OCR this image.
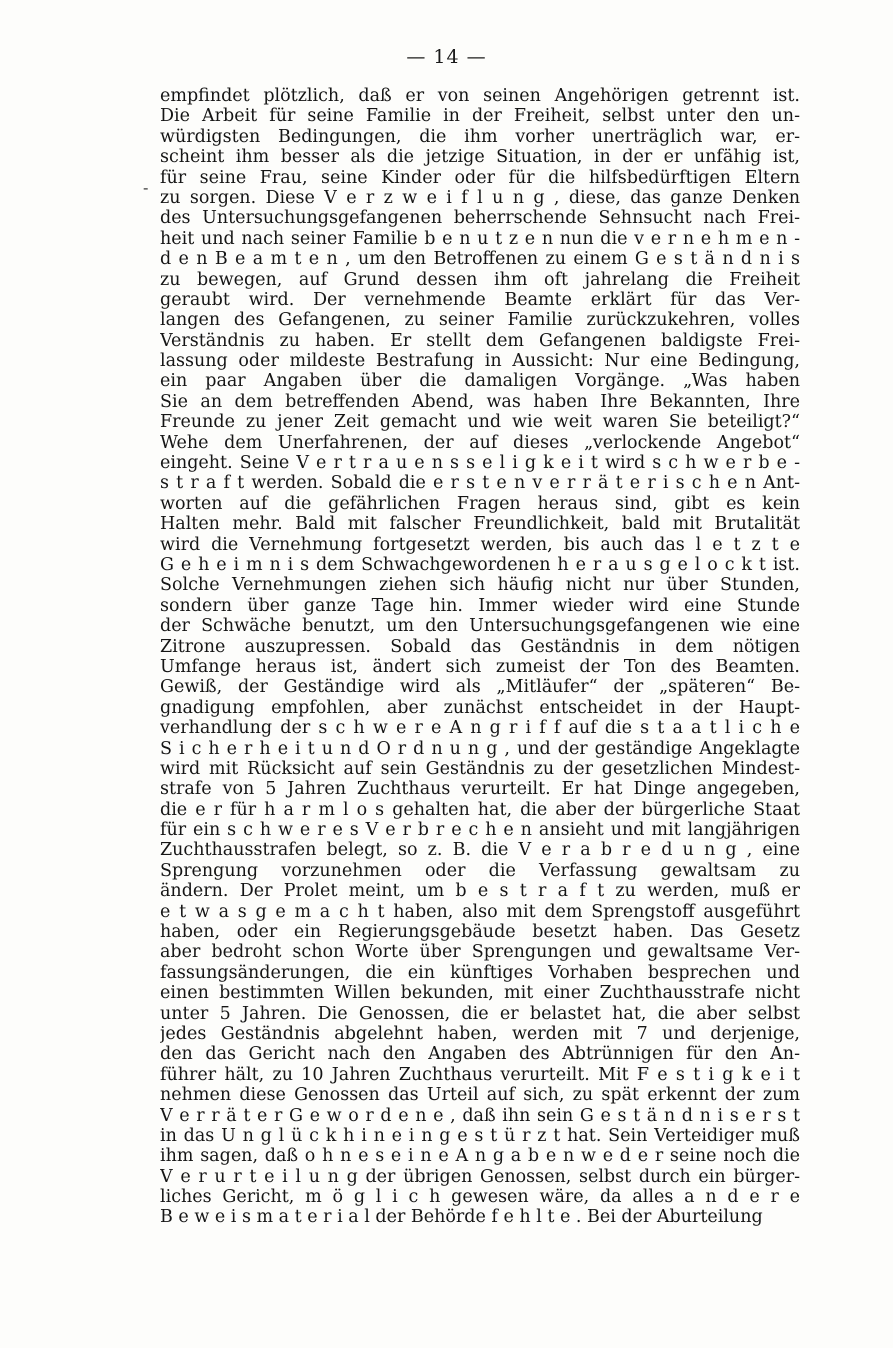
— 14 —
-
empfindet plötzlich, daß er von seinen Angehörigen getrennt ist.
Die Arbeit für seine Familie in der Freiheit, selbst unter den un-
würdigsten Bedingungen, die ihm vorher unerträglich war, er-
scheint ihm besser als die jetzige Situation, in der er unfähig ist,
für seine Frau, seine Kinder oder für die hilfsbedürftigen Eltern
zu sorgen. Diese V e r z w e i f l u n g , diese, das ganze Denken
des Untersuchungsgefangenen beherrschende Sehnsucht nach Frei-
heit und nach seiner Familie b e n u t z e n nun die v e r n e h m e n -
d e n B e a m t e n , um den Betroffenen zu einem G e s t ä n d n i s
zu bewegen, auf Grund dessen ihm oft jahrelang die Freiheit
geraubt wird. Der vernehmende Beamte erklärt für das Ver-
langen des Gefangenen, zu seiner Familie zurückzukehren, volles
Verständnis zu haben. Er stellt dem Gefangenen baldigste Frei-
lassung oder mildeste Bestrafung in Aussicht: Nur eine Bedingung,
ein paar Angaben über die damaligen Vorgänge. „Was haben
Sie an dem betreffenden Abend, was haben Ihre Bekannten, Ihre
Freunde zu jener Zeit gemacht und wie weit waren Sie beteiligt?“
Wehe dem Unerfahrenen, der auf dieses „verlockende Angebot“
eingeht. Seine V e r t r a u e n s s e l i g k e i t wird s c h w e r b e -
s t r a f t werden. Sobald die e r s t e n v e r r ä t e r i s c h e n Ant-
worten auf die gefährlichen Fragen heraus sind, gibt es kein
Halten mehr. Bald mit falscher Freundlichkeit, bald mit Brutalität
wird die Vernehmung fortgesetzt werden, bis auch das l e t z t e
G e h e i m n i s dem Schwachgewordenen h e r a u s g e l o c k t ist.
Solche Vernehmungen ziehen sich häufig nicht nur über Stunden,
sondern über ganze Tage hin. Immer wieder wird eine Stunde
der Schwäche benutzt, um den Untersuchungsgefangenen wie eine
Zitrone auszupressen. Sobald das Geständnis in dem nötigen
Umfange heraus ist, ändert sich zumeist der Ton des Beamten.
Gewiß, der Geständige wird als „Mitläufer“ der „späteren“ Be-
gnadigung empfohlen, aber zunächst entscheidet in der Haupt-
verhandlung der s c h w e r e A n g r i f f auf die s t a a t l i c h e
S i c h e r h e i t u n d O r d n u n g , und der geständige Angeklagte
wird mit Rücksicht auf sein Geständnis zu der gesetzlichen Mindest-
strafe von 5 Jahren Zuchthaus verurteilt. Er hat Dinge angegeben,
die e r für h a r m l o s gehalten hat, die aber der bürgerliche Staat
für ein s c h w e r e s V e r b r e c h e n ansieht und mit langjährigen
Zuchthausstrafen belegt, so z. B. die V e r a b r e d u n g , eine
Sprengung vorzunehmen oder die Verfassung gewaltsam zu
ändern. Der Prolet meint, um b e s t r a f t zu werden, muß er
e t w a s g e m a c h t haben, also mit dem Sprengstoff ausgeführt
haben, oder ein Regierungsgebäude besetzt haben. Das Gesetz
aber bedroht schon Worte über Sprengungen und gewaltsame Ver-
fassungsänderungen, die ein künftiges Vorhaben besprechen und
einen bestimmten Willen bekunden, mit einer Zuchthausstrafe nicht
unter 5 Jahren. Die Genossen, die er belastet hat, die aber selbst
jedes Geständnis abgelehnt haben, werden mit 7 und derjenige,
den das Gericht nach den Angaben des Abtrünnigen für den An-
führer hält, zu 10 Jahren Zuchthaus verurteilt. Mit F e s t i g k e i t
nehmen diese Genossen das Urteil auf sich, zu spät erkennt der zum
V e r r ä t e r G e w o r d e n e , daß ihn sein G e s t ä n d n i s e r s t
in das U n g l ü c k h i n e i n g e s t ü r z t hat. Sein Verteidiger muß
ihm sagen, daß o h n e s e i n e A n g a b e n w e d e r seine noch die
V e r u r t e i l u n g der übrigen Genossen, selbst durch ein bürger-
liches Gericht, m ö g l i c h gewesen wäre, da alles a n d e r e
B e w e i s m a t e r i a l der Behörde f e h l t e . Bei der Aburteilung
